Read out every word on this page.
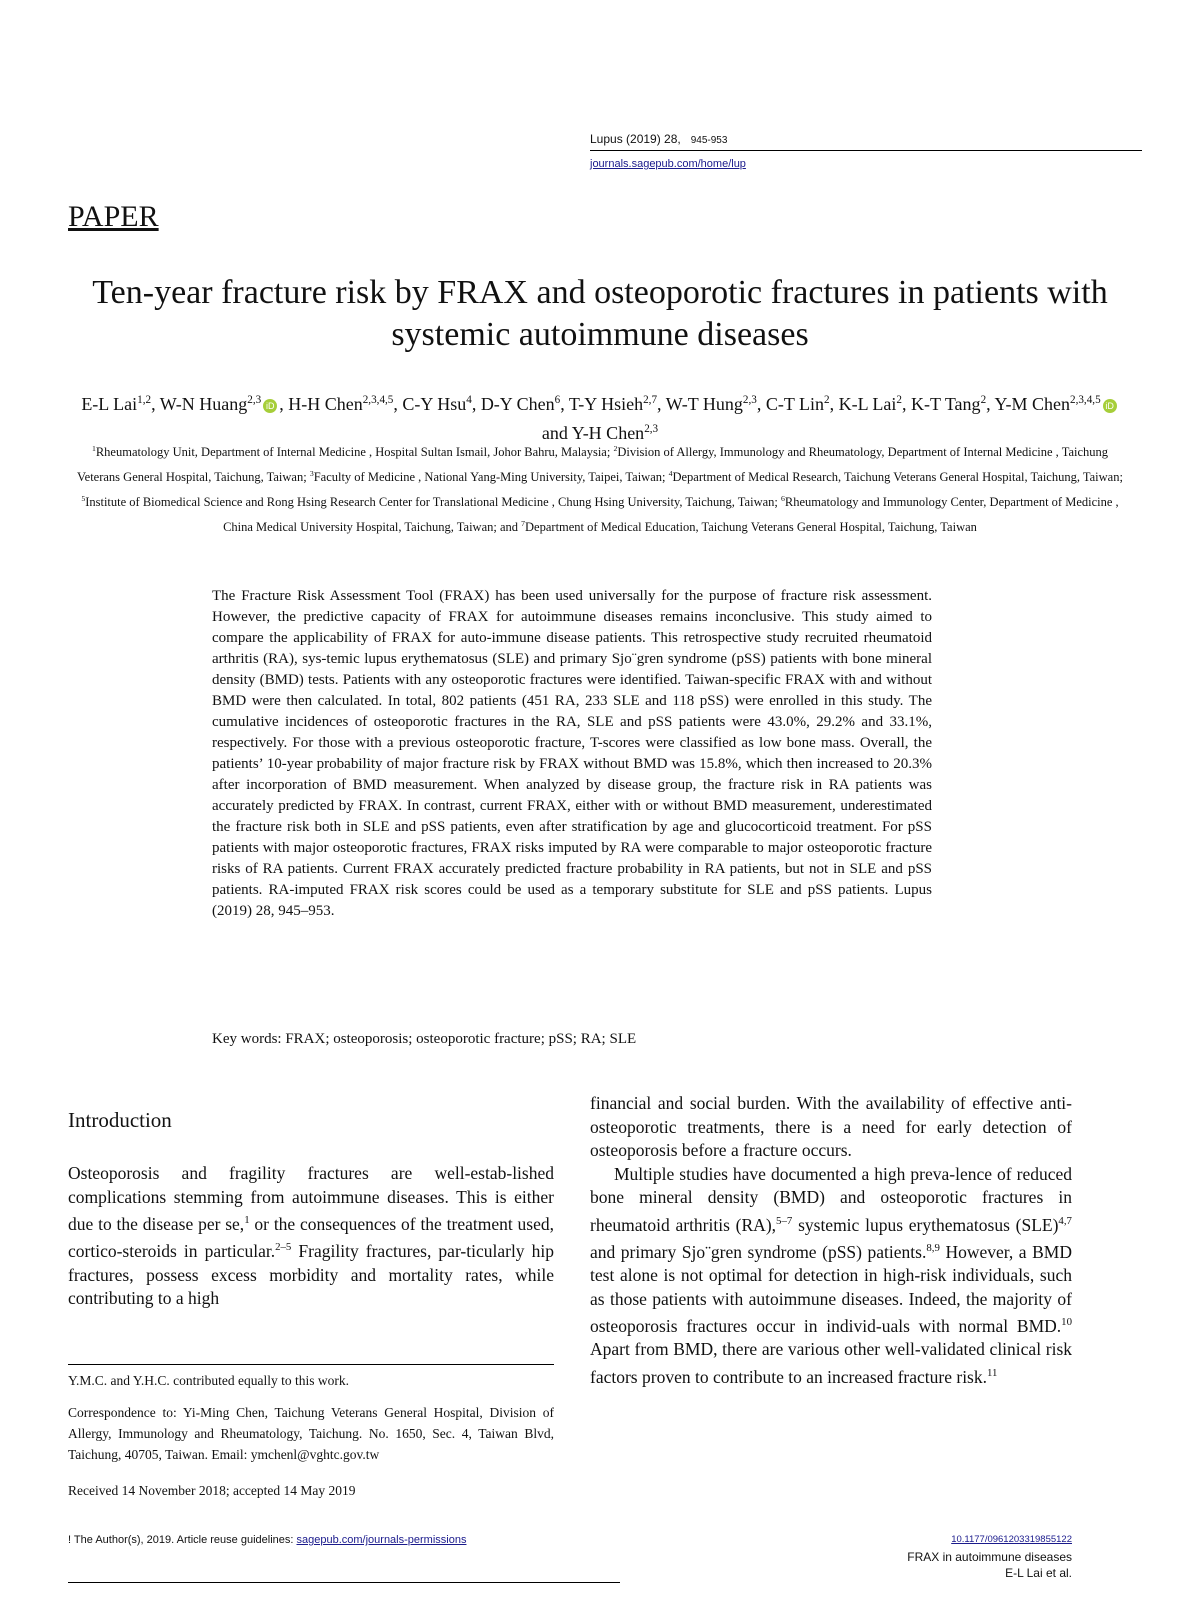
Lupus (2019) 28, 945-953
journals.sagepub.com/home/lup
PAPER
Ten-year fracture risk by FRAX and osteoporotic fractures in patients with systemic autoimmune diseases
E-L Lai$^{1,2}$, W-N Huang$^{2,3}$ iD , H-H Chen$^{2,3,4,5}$, C-Y Hsu$^4$, D-Y Chen$^6$, T-Y Hsieh$^{2,7}$, W-T Hung$^{2,3}$, C-T Lin$^2$, K-L Lai$^2$, K-T Tang$^2$, Y-M Chen$^{2,3,4,5}$ iD and Y-H Chen$^{2,3}$
$^1$Rheumatology Unit, Department of Internal Medicine , Hospital Sultan Ismail, Johor Bahru, Malaysia; $^2$Division of Allergy, Immunology and Rheumatology, Department of Internal Medicine , Taichung Veterans General Hospital, Taichung, Taiwan; $^3$Faculty of Medicine , National Yang-Ming University, Taipei, Taiwan; $^4$Department of Medical Research, Taichung Veterans General Hospital, Taichung, Taiwan; $^5$Institute of Biomedical Science and Rong Hsing Research Center for Translational Medicine , Chung Hsing University, Taichung, Taiwan; $^6$Rheumatology and Immunology Center, Department of Medicine , China Medical University Hospital, Taichung, Taiwan; and $^7$Department of Medical Education, Taichung Veterans General Hospital, Taichung, Taiwan
The Fracture Risk Assessment Tool (FRAX) has been used universally for the purpose of fracture risk assessment. However, the predictive capacity of FRAX for autoimmune diseases remains inconclusive. This study aimed to compare the applicability of FRAX for auto-immune disease patients. This retrospective study recruited rheumatoid arthritis (RA), sys-temic lupus erythematosus (SLE) and primary Sjo¨gren syndrome (pSS) patients with bone mineral density (BMD) tests. Patients with any osteoporotic fractures were identified. Taiwan-specific FRAX with and without BMD were then calculated. In total, 802 patients (451 RA, 233 SLE and 118 pSS) were enrolled in this study. The cumulative incidences of osteoporotic fractures in the RA, SLE and pSS patients were 43.0%, 29.2% and 33.1%, respectively. For those with a previous osteoporotic fracture, T-scores were classified as low bone mass. Overall, the patients’ 10-year probability of major fracture risk by FRAX without BMD was 15.8%, which then increased to 20.3% after incorporation of BMD measurement. When analyzed by disease group, the fracture risk in RA patients was accurately predicted by FRAX. In contrast, current FRAX, either with or without BMD measurement, underestimated the fracture risk both in SLE and pSS patients, even after stratification by age and glucocorticoid treatment. For pSS patients with major osteoporotic fractures, FRAX risks imputed by RA were comparable to major osteoporotic fracture risks of RA patients. Current FRAX accurately predicted fracture probability in RA patients, but not in SLE and pSS patients. RA-imputed FRAX risk scores could be used as a temporary substitute for SLE and pSS patients. Lupus (2019) 28, 945–953.
Key words: FRAX; osteoporosis; osteoporotic fracture; pSS; RA; SLE
Introduction
Osteoporosis and fragility fractures are well-estab-lished complications stemming from autoimmune diseases. This is either due to the disease per se,$^1$ or the consequences of the treatment used, cortico-steroids in particular.$^{2-5}$ Fragility fractures, par-ticularly hip fractures, possess excess morbidity and mortality rates, while contributing to a high
Y.M.C. and Y.H.C. contributed equally to this work.
Correspondence to: Yi-Ming Chen, Taichung Veterans General Hospital, Division of Allergy, Immunology and Rheumatology, Taichung. No. 1650, Sec. 4, Taiwan Blvd, Taichung, 40705, Taiwan. Email: ymchenl@vghtc.gov.tw
Received 14 November 2018; accepted 14 May 2019

financial and social burden. With the availability of effective anti-osteoporotic treatments, there is a need for early detection of osteoporosis before a fracture occurs.

Multiple studies have documented a high preva-lence of reduced bone mineral density (BMD) and osteoporotic fractures in rheumatoid arthritis (RA),$^{5-7}$ systemic lupus erythematosus (SLE)$^{4,7}$ and primary Sjo¨gren syndrome (pSS) patients.$^{8,9}$ However, a BMD test alone is not optimal for detection in high-risk individuals, such as those patients with autoimmune diseases. Indeed, the majority of osteoporosis fractures occur in individ-uals with normal BMD.$^{10}$ Apart from BMD, there are various other well-validated clinical risk factors proven to contribute to an increased fracture risk.$^{11}$

! The Author(s), 2019. Article reuse guidelines: sagepub.com/journals-permissions	10.1177/0961203319855122
FRAX in autoimmune diseases
E-L Lai et al.
